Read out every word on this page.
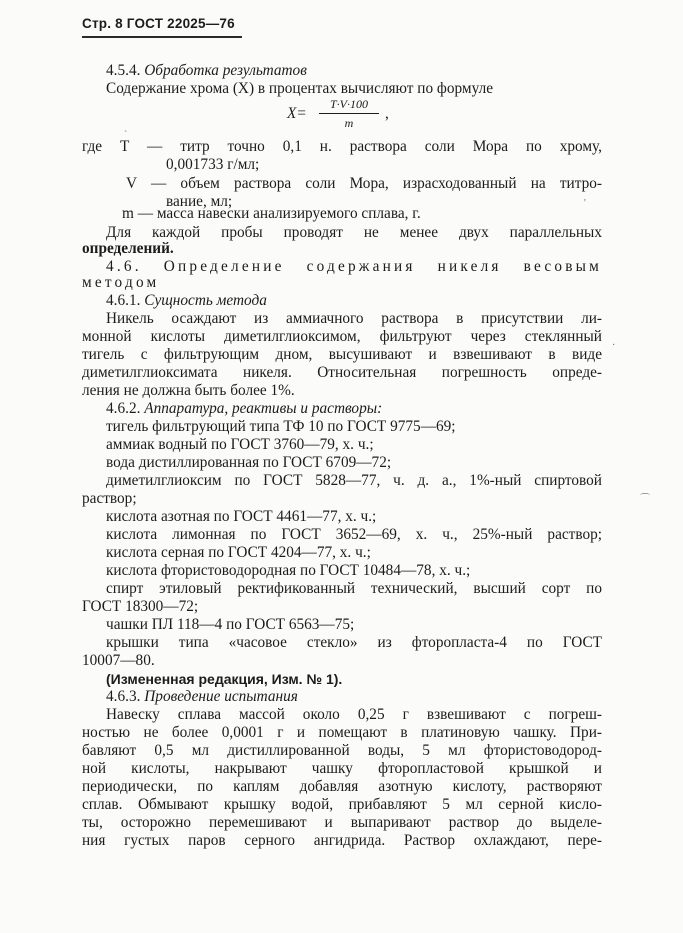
Стр. 8 ГОСТ 22025—76
4.5.4. Обработка результатов
Содержание хрома (X) в процентах вычисляют по формуле
X=
T·V·100
m
,
где T — титр точно 0,1 н. раствора соли Мора по хрому,
0,001733 г/мл;
V — объем раствора соли Мора, израсходованный на титро-
вание, мл;
m — масса навески анализируемого сплава, г.
Для каждой пробы проводят не менее двух параллельных
определений.
4.6. Определение содержания никеля весовым
методом
4.6.1. Сущность метода
Никель осаждают из аммиачного раствора в присутствии ли-
монной кислоты диметилглиоксимом, фильтруют через стеклянный
тигель с фильтрующим дном, высушивают и взвешивают в виде
диметилглиоксимата никеля. Относительная погрешность опреде-
ления не должна быть более 1%.
4.6.2. Аппаратура, реактивы и растворы:
тигель фильтрующий типа ТФ 10 по ГОСТ 9775—69;
аммиак водный по ГОСТ 3760—79, х. ч.;
вода дистиллированная по ГОСТ 6709—72;
диметилглиоксим по ГОСТ 5828—77, ч. д. а., 1%-ный спиртовой
раствор;
кислота азотная по ГОСТ 4461—77, х. ч.;
кислота лимонная по ГОСТ 3652—69, х. ч., 25%-ный раствор;
кислота серная по ГОСТ 4204—77, х. ч.;
кислота фтористоводородная по ГОСТ 10484—78, х. ч.;
спирт этиловый ректификованный технический, высший сорт по
ГОСТ 18300—72;
чашки ПЛ 118—4 по ГОСТ 6563—75;
крышки типа «часовое стекло» из фторопласта-4 по ГОСТ
10007—80.
(Измененная редакция, Изм. № 1).
4.6.3. Проведение испытания
Навеску сплава массой около 0,25 г взвешивают с погреш-
ностью не более 0,0001 г и помещают в платиновую чашку. При-
бавляют 0,5 мл дистиллированной воды, 5 мл фтористоводород-
ной кислоты, накрывают чашку фторопластовой крышкой и
периодически, по каплям добавляя азотную кислоту, растворяют
сплав. Обмывают крышку водой, прибавляют 5 мл серной кисло-
ты, осторожно перемешивают и выпаривают раствор до выделе-
ния густых паров серного ангидрида. Раствор охлаждают, пере-
ˋ
'
·
⌒
